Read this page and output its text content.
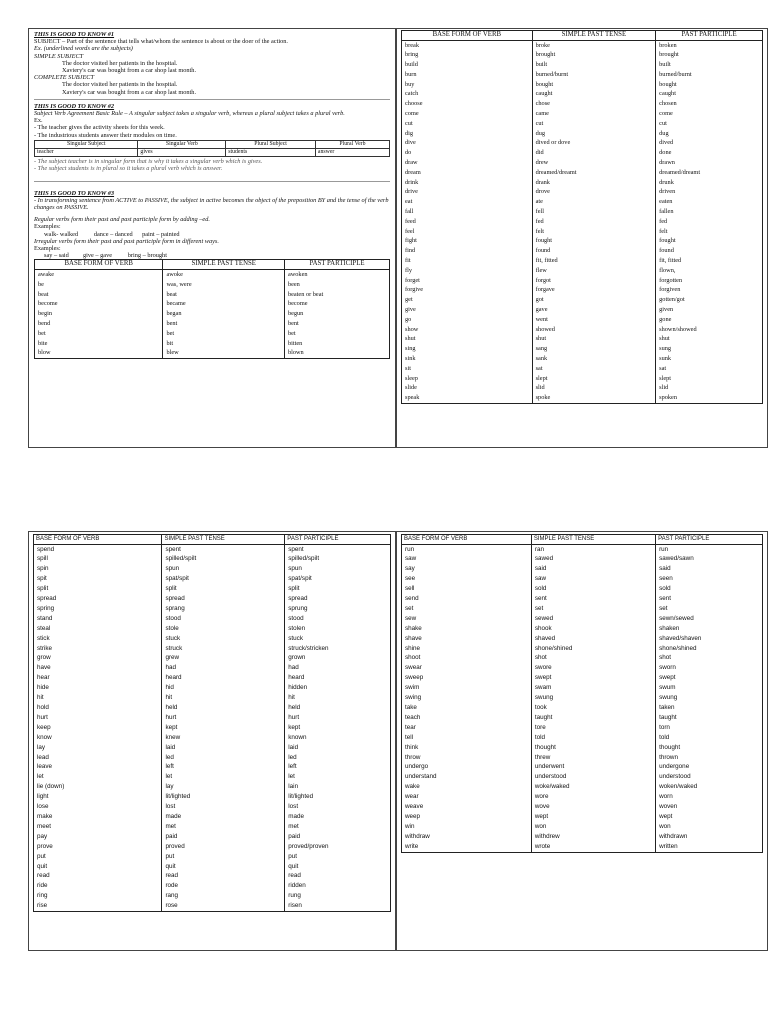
THIS IS GOOD TO KNOW #1

SUBJECT – Part of the sentence that tells what/whom the sentence is about or the doer of the action.

Ex. (underlined words are the subjects)

SIMPLE SUBJECT

The doctor visited her patients in the hospital.

Xaviery's car was bought from a car shop last month.

COMPLETE SUBJECT

The doctor visited her patients in the hospital.

Xaviery's car was bought from a car shop last month.

THIS IS GOOD TO KNOW #2

Subject Verb Agreement Basic Rule – A singular subject takes a singular verb, whereas a plural subject takes a plural verb.

Ex.

- The teacher gives the activity sheets for this week.

- The industrious students answer their modules on time.

Singular Subject	Singular Verb	Plural Subject	Plural Verb
teacher	gives	students	answer

- The subject teacher is in singular form that is why it takes a singular verb which is gives.

- The subject students is in plural so it takes a plural verb which is answer.

THIS IS GOOD TO KNOW #3

- In transforming sentence from ACTIVE to PASSIVE, the subject in active becomes the object of the preposition BY and the tense of the verb changes on PASSIVE.

Regular verbs form their past and past participle form by adding –ed.

Examples:

walk- walked          dance – danced      paint – painted

Irregular verbs form their past and past participle form in different ways.

Examples:

say – said         give – gave          bring – brought

BASE FORM OF VERB	SIMPLE PAST TENSE	PAST PARTICIPLE
awake	awoke	awoken
be	was, were	been
beat	beat	beaten or beat
become	became	become
begin	began	begun
bend	bent	bent
bet	bet	bet
bite	bit	bitten
blow	blew	blown
BASE FORM OF VERB	SIMPLE PAST TENSE	PAST PARTICIPLE
break	broke	broken
bring	brought	brought
build	built	built
burn	burned/burnt	burned/burnt
buy	bought	bought
catch	caught	caught
choose	chose	chosen
come	came	come
cut	cut	cut
dig	dug	dug
dive	dived or dove	dived
do	did	done
draw	drew	drawn
dream	dreamed/dreamt	dreamed/dreamt
drink	drank	drunk
drive	drove	driven
eat	ate	eaten
fall	fell	fallen
feed	fed	fed
feel	felt	felt
fight	fought	fought
find	found	found
fit	fit, fitted	fit, fitted
fly	flew	flown,
forget	forgot	forgotten
forgive	forgave	forgiven
get	got	gotten/got
give	gave	given
go	went	gone
show	showed	shown/showed
shut	shut	shut
sing	sang	sung
sink	sank	sunk
sit	sat	sat
sleep	slept	slept
slide	slid	slid
speak	spoke	spoken
BASE FORM OF VERB	SIMPLE PAST TENSE	PAST PARTICIPLE
spend	spent	spent
spill	spilled/spilt	spilled/spilt
spin	spun	spun
spit	spat/spit	spat/spit
split	split	split
spread	spread	spread
spring	sprang	sprung
stand	stood	stood
steal	stole	stolen
stick	stuck	stuck
strike	struck	struck/stricken
grow	grew	grown
have	had	had
hear	heard	heard
hide	hid	hidden
hit	hit	hit
hold	held	held
hurt	hurt	hurt
keep	kept	kept
know	knew	known
lay	laid	laid
lead	led	led
leave	left	left
let	let	let
lie (down)	lay	lain
light	lit/lighted	lit/lighted
lose	lost	lost
make	made	made
meet	met	met
pay	paid	paid
prove	proved	proved/proven
put	put	put
quit	quit	quit
read	read	read
ride	rode	ridden
ring	rang	rung
rise	rose	risen
BASE FORM OF VERB	SIMPLE PAST TENSE	PAST PARTICIPLE
run	ran	run
saw	sawed	sawed/sawn
say	said	said
see	saw	seen
sell	sold	sold
send	sent	sent
set	set	set
sew	sewed	sewn/sewed
shake	shook	shaken
shave	shaved	shaved/shaven
shine	shone/shined	shone/shined
shoot	shot	shot
swear	swore	sworn
sweep	swept	swept
swim	swam	swum
swing	swung	swung
take	took	taken
teach	taught	taught
tear	tore	torn
tell	told	told
think	thought	thought
throw	threw	thrown
undergo	underwent	undergone
understand	understood	understood
wake	woke/waked	woken/waked
wear	wore	worn
weave	wove	woven
weep	wept	wept
win	won	won
withdraw	withdrew	withdrawn
write	wrote	written
